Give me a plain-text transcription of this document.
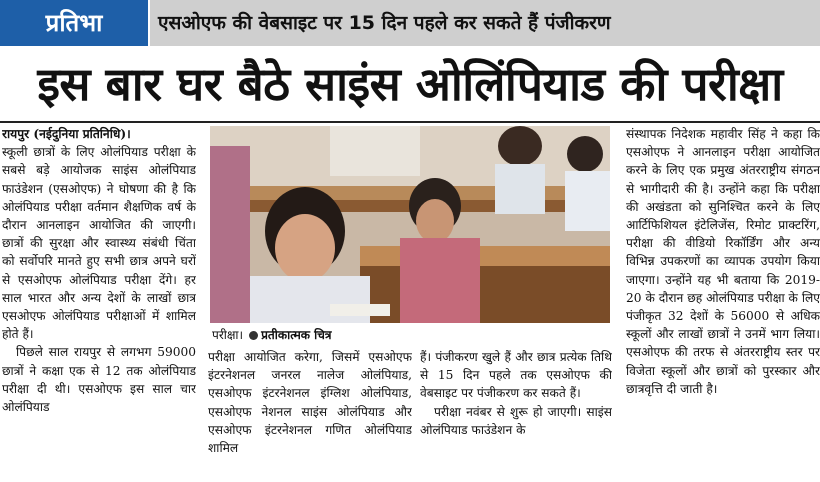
प्रतिभा	एसओएफ की वेबसाइट पर 15 दिन पहले कर सकते हैं पंजीकरण
इस बार घर बैठे साइंस ओलिंपियाड की परीक्षा

रायपुर (नईदुनिया प्रतिनिधि)।

स्कूली छात्रों के लिए ओलंपियाड परीक्षा के सबसे बड़े आयोजक साइंस ओलंपियाड फाउंडेशन (एसओएफ) ने घोषणा की है कि ओलंपियाड परीक्षा वर्तमान शैक्षणिक वर्ष के दौरान आनलाइन आयोजित की जाएगी। छात्रों की सुरक्षा और स्वास्थ्य संबंधी चिंता को सर्वोपरि मानते हुए सभी छात्र अपने घरों से एसओएफ ओलंपियाड परीक्षा देंगे। हर साल भारत और अन्य देशों के लाखों छात्र एसओएफ ओलंपियाड परीक्षाओं में शामिल होते हैं।

पिछले साल रायपुर से लगभग 59000 छात्रों ने कक्षा एक से 12 तक ओलंपियाड परीक्षा दी थी। एसओएफ इस साल चार ओलंपियाड

परीक्षा। प्रतीकात्मक चित्र

परीक्षा आयोजित करेगा, जिसमें एसओएफ इंटरनेशनल जनरल नालेज ओलंपियाड, एसओएफ इंटरनेशनल इंग्लिश ओलंपियाड, एसओएफ नेशनल साइंस ओलंपियाड और एसओएफ इंटरनेशनल गणित ओलंपियाड शामिल

हैं। पंजीकरण खुले हैं और छात्र प्रत्येक तिथि से 15 दिन पहले तक एसओएफ की वेबसाइट पर पंजीकरण कर सकते हैं।

परीक्षा नवंबर से शुरू हो जाएगी। साइंस ओलंपियाड फाउंडेशन के

संस्थापक निदेशक महावीर सिंह ने कहा कि एसओएफ ने आनलाइन परीक्षा आयोजित करने के लिए एक प्रमुख अंतरराष्ट्रीय संगठन से भागीदारी की है। उन्होंने कहा कि परीक्षा की अखंडता को सुनिश्चित करने के लिए आर्टिफिशियल इंटेलिजेंस, रिमोट प्राक्टरिंग, परीक्षा की वीडियो रिकॉर्डिंग और अन्य विभिन्न उपकरणों का व्यापक उपयोग किया जाएगा। उन्होंने यह भी बताया कि 2019-20 के दौरान छह ओलंपियाड परीक्षा के लिए पंजीकृत 32 देशों के 56000 से अधिक स्कूलों और लाखों छात्रों ने उनमें भाग लिया। एसओएफ की तरफ से अंतरराष्ट्रीय स्तर पर विजेता स्कूलों और छात्रों को पुरस्कार और छात्रवृत्ति दी जाती है।
